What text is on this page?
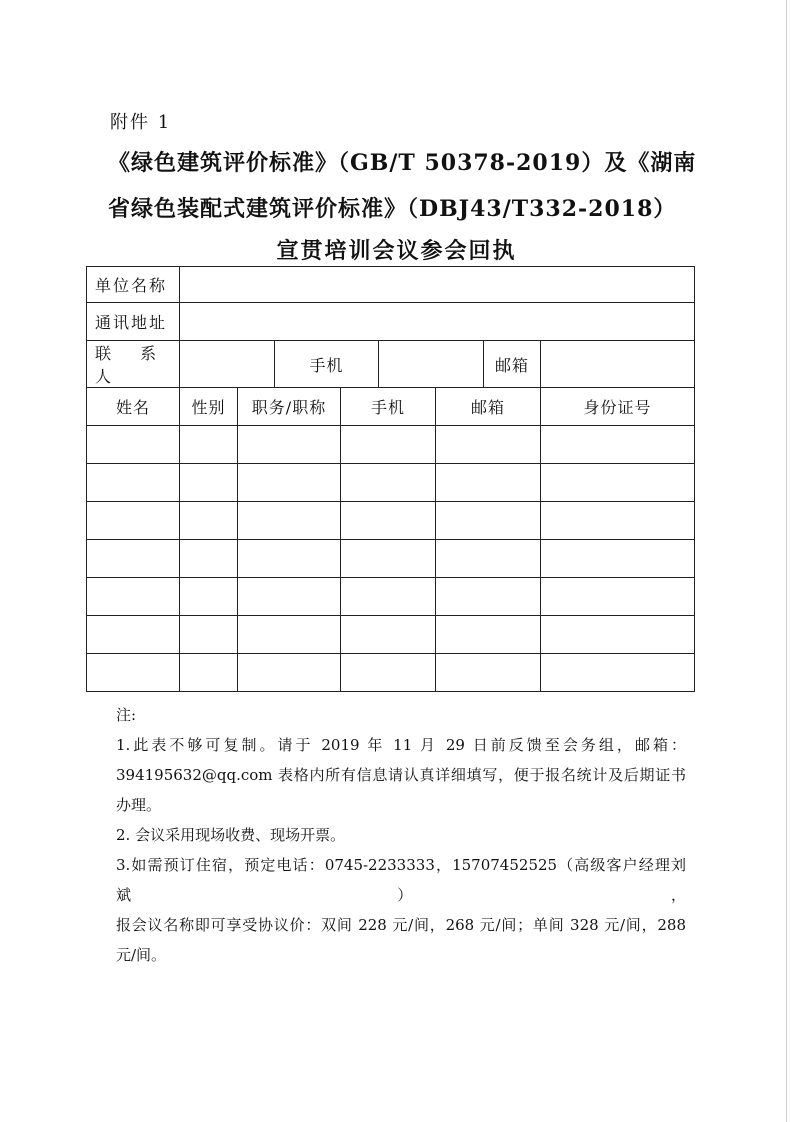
附件 1
《绿色建筑评价标准》（GB/T 50378-2019）及《湖南
省绿色装配式建筑评价标准》（DBJ43/T332-2018）
宣贯培训会议参会回执
单位名称								
通讯地址								
联 系 人			手机				邮箱	
姓名	性别	职务/职称		手机		邮箱		身份证号

注:

1.此表不够可复制。请于 2019 年 11 月 29 日前反馈至会务组，邮箱：

394195632@qq.com 表格内所有信息请认真详细填写，便于报名统计及后期证书

办理。

2. 会议采用现场收费、现场开票。

3.如需预订住宿，预定电话：0745-2233333，15707452525（高级客户经理刘斌），

报会议名称即可享受协议价：双间 228 元/间，268 元/间；单间 328 元/间，288

元/间。
